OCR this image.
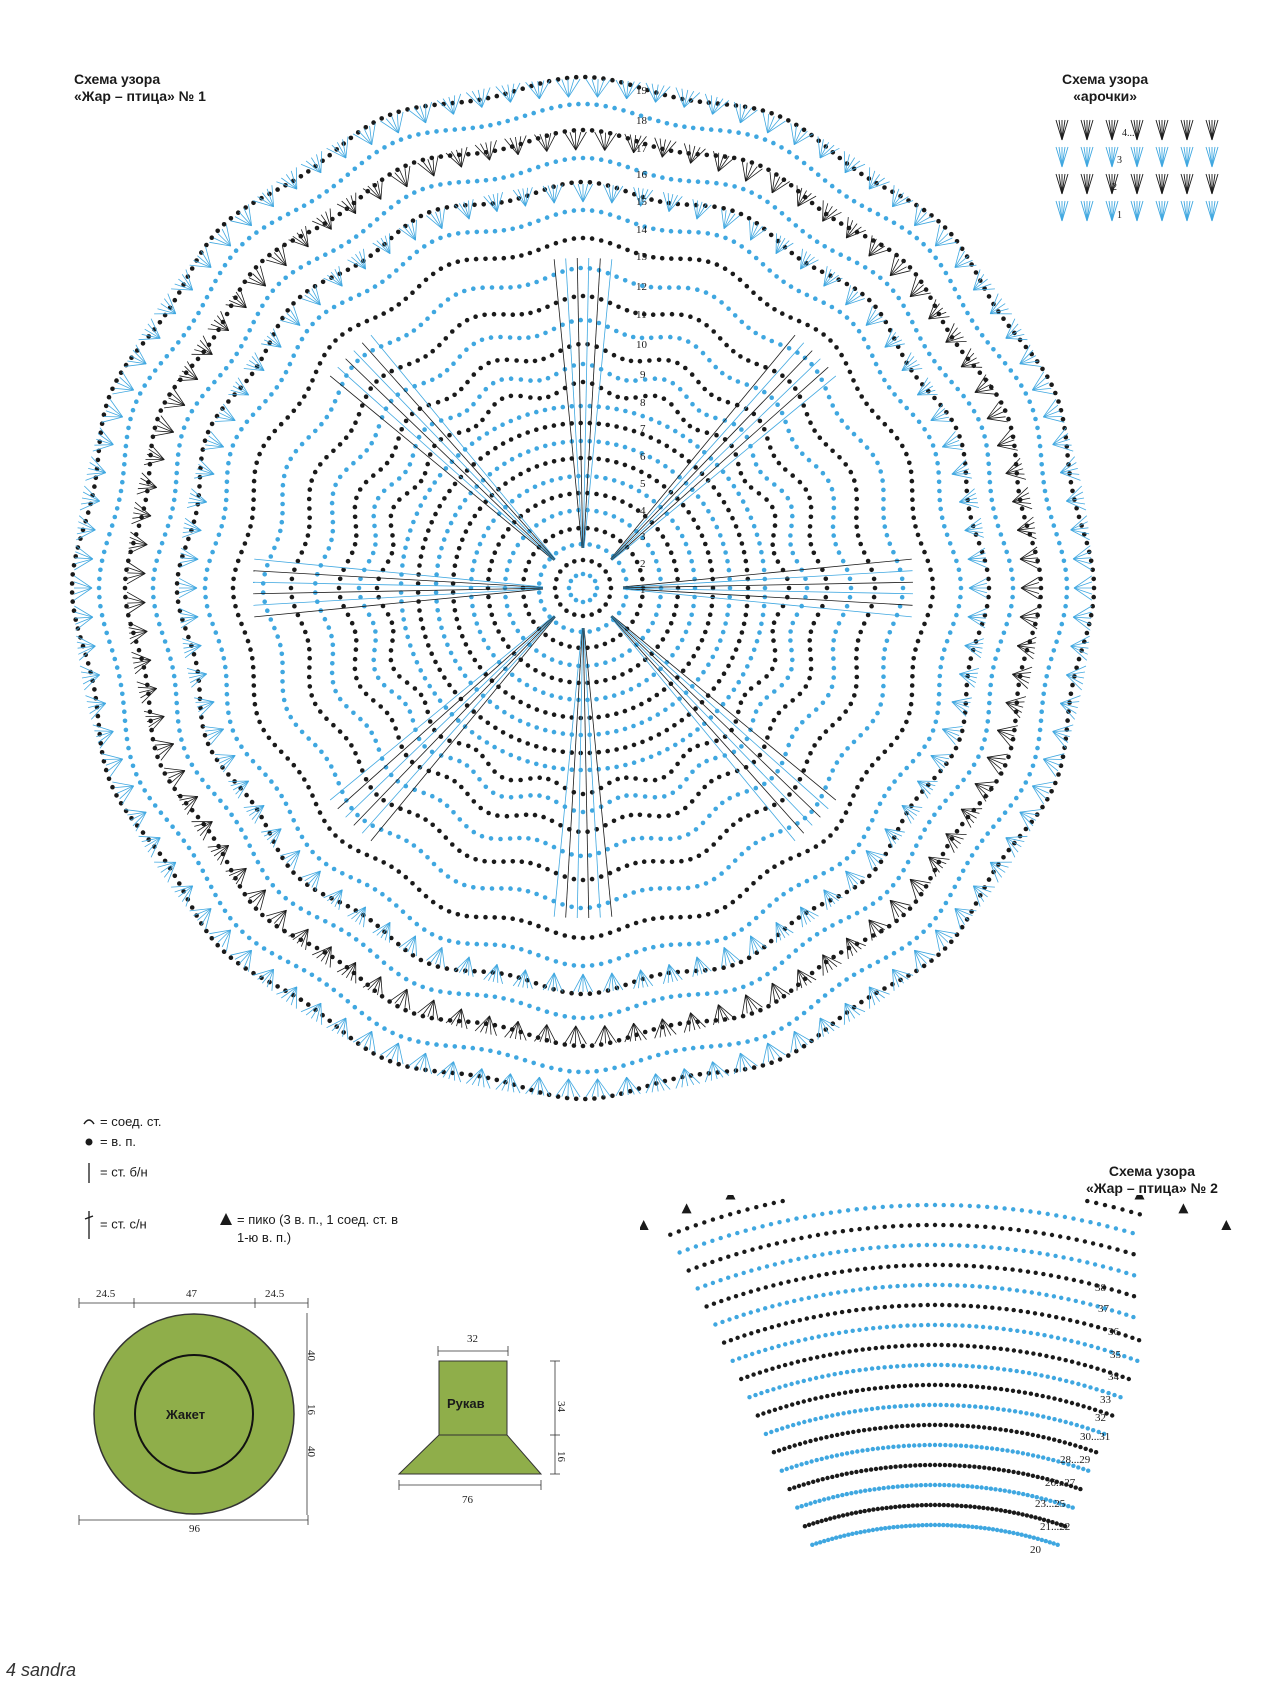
Схема узора
«Жар – птица» № 1
Схема узора
«арочки»
1
2
3
4
5
6
7
8
9
10
11
12
13
14
15
16
17
18
19
1
2
3
4...
= соед. ст.
= в. п.
= ст. б/н
= ст. с/н	= пико (3 в. п., 1 соед. ст. в
1-ю в. п.)
Схема узора
«Жар – птица» № 2
20
21...22
23...25
26...27
28...29
30...31
32
33
34
35
36
37
38
Жакет
24.5	47	24.5
40
16
40
96
Рукав
32
34
16
76
4 sandra
